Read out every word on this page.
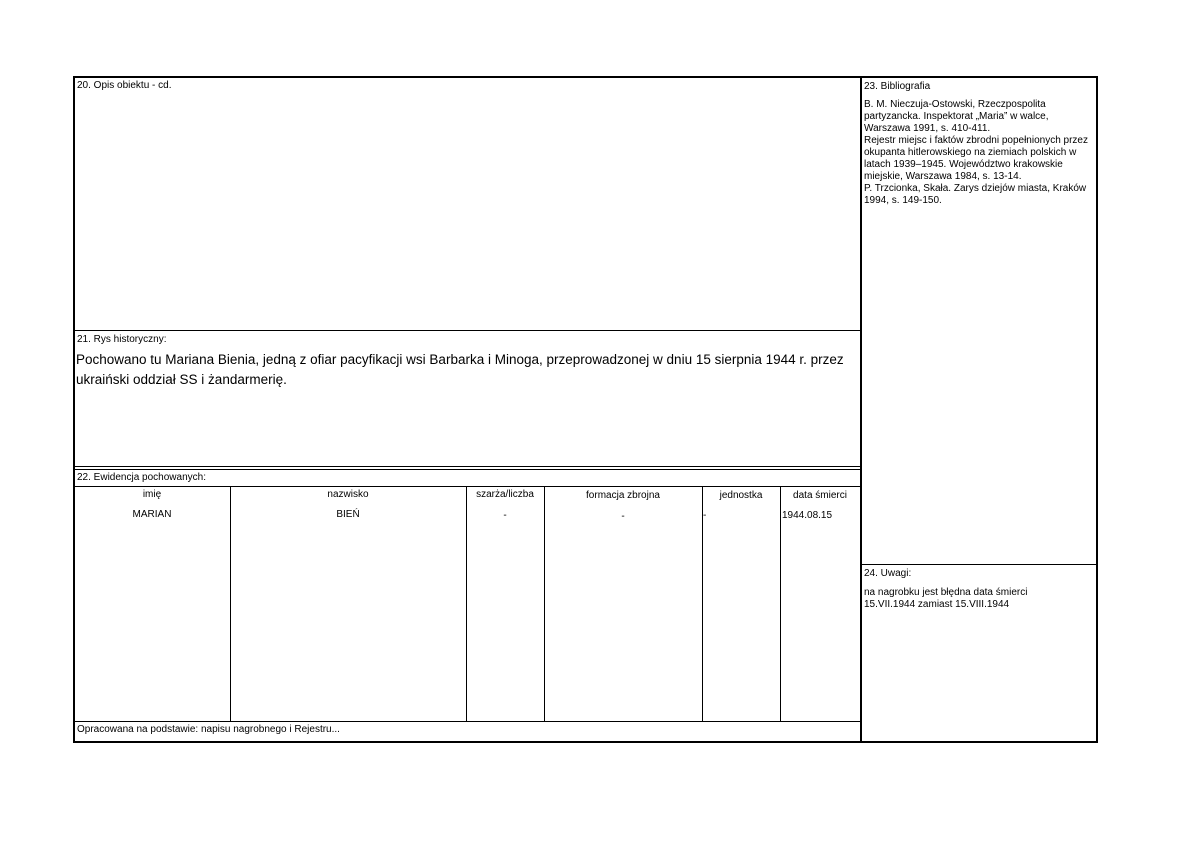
20. Opis obiektu - cd.
21. Rys historyczny:
Pochowano tu Mariana Bienia, jedną z ofiar pacyfikacji wsi Barbarka i Minoga, przeprowadzonej w dniu 15 sierpnia 1944 r. przez ukraiński oddział SS i żandarmerię.
22. Ewidencja pochowanych:
imię	nazwisko	szarża/liczba	formacja zbrojna	jednostka	data śmierci
MARIAN	BIEŃ	-	-	-	1944.08.15
Opracowana na podstawie: napisu nagrobnego i Rejestru...
23. Bibliografia
B. M. Nieczuja-Ostowski, Rzeczpospolita partyzancka. Inspektorat „Maria” w walce, Warszawa 1991, s. 410-411.
Rejestr miejsc i faktów zbrodni popełnionych przez okupanta hitlerowskiego na ziemiach polskich w latach 1939–1945. Województwo krakowskie miejskie, Warszawa 1984, s. 13-14.
P. Trzcionka, Skała. Zarys dziejów miasta, Kraków 1994, s. 149-150.
24. Uwagi:
na nagrobku jest błędna data śmierci 15.VII.1944 zamiast 15.VIII.1944
